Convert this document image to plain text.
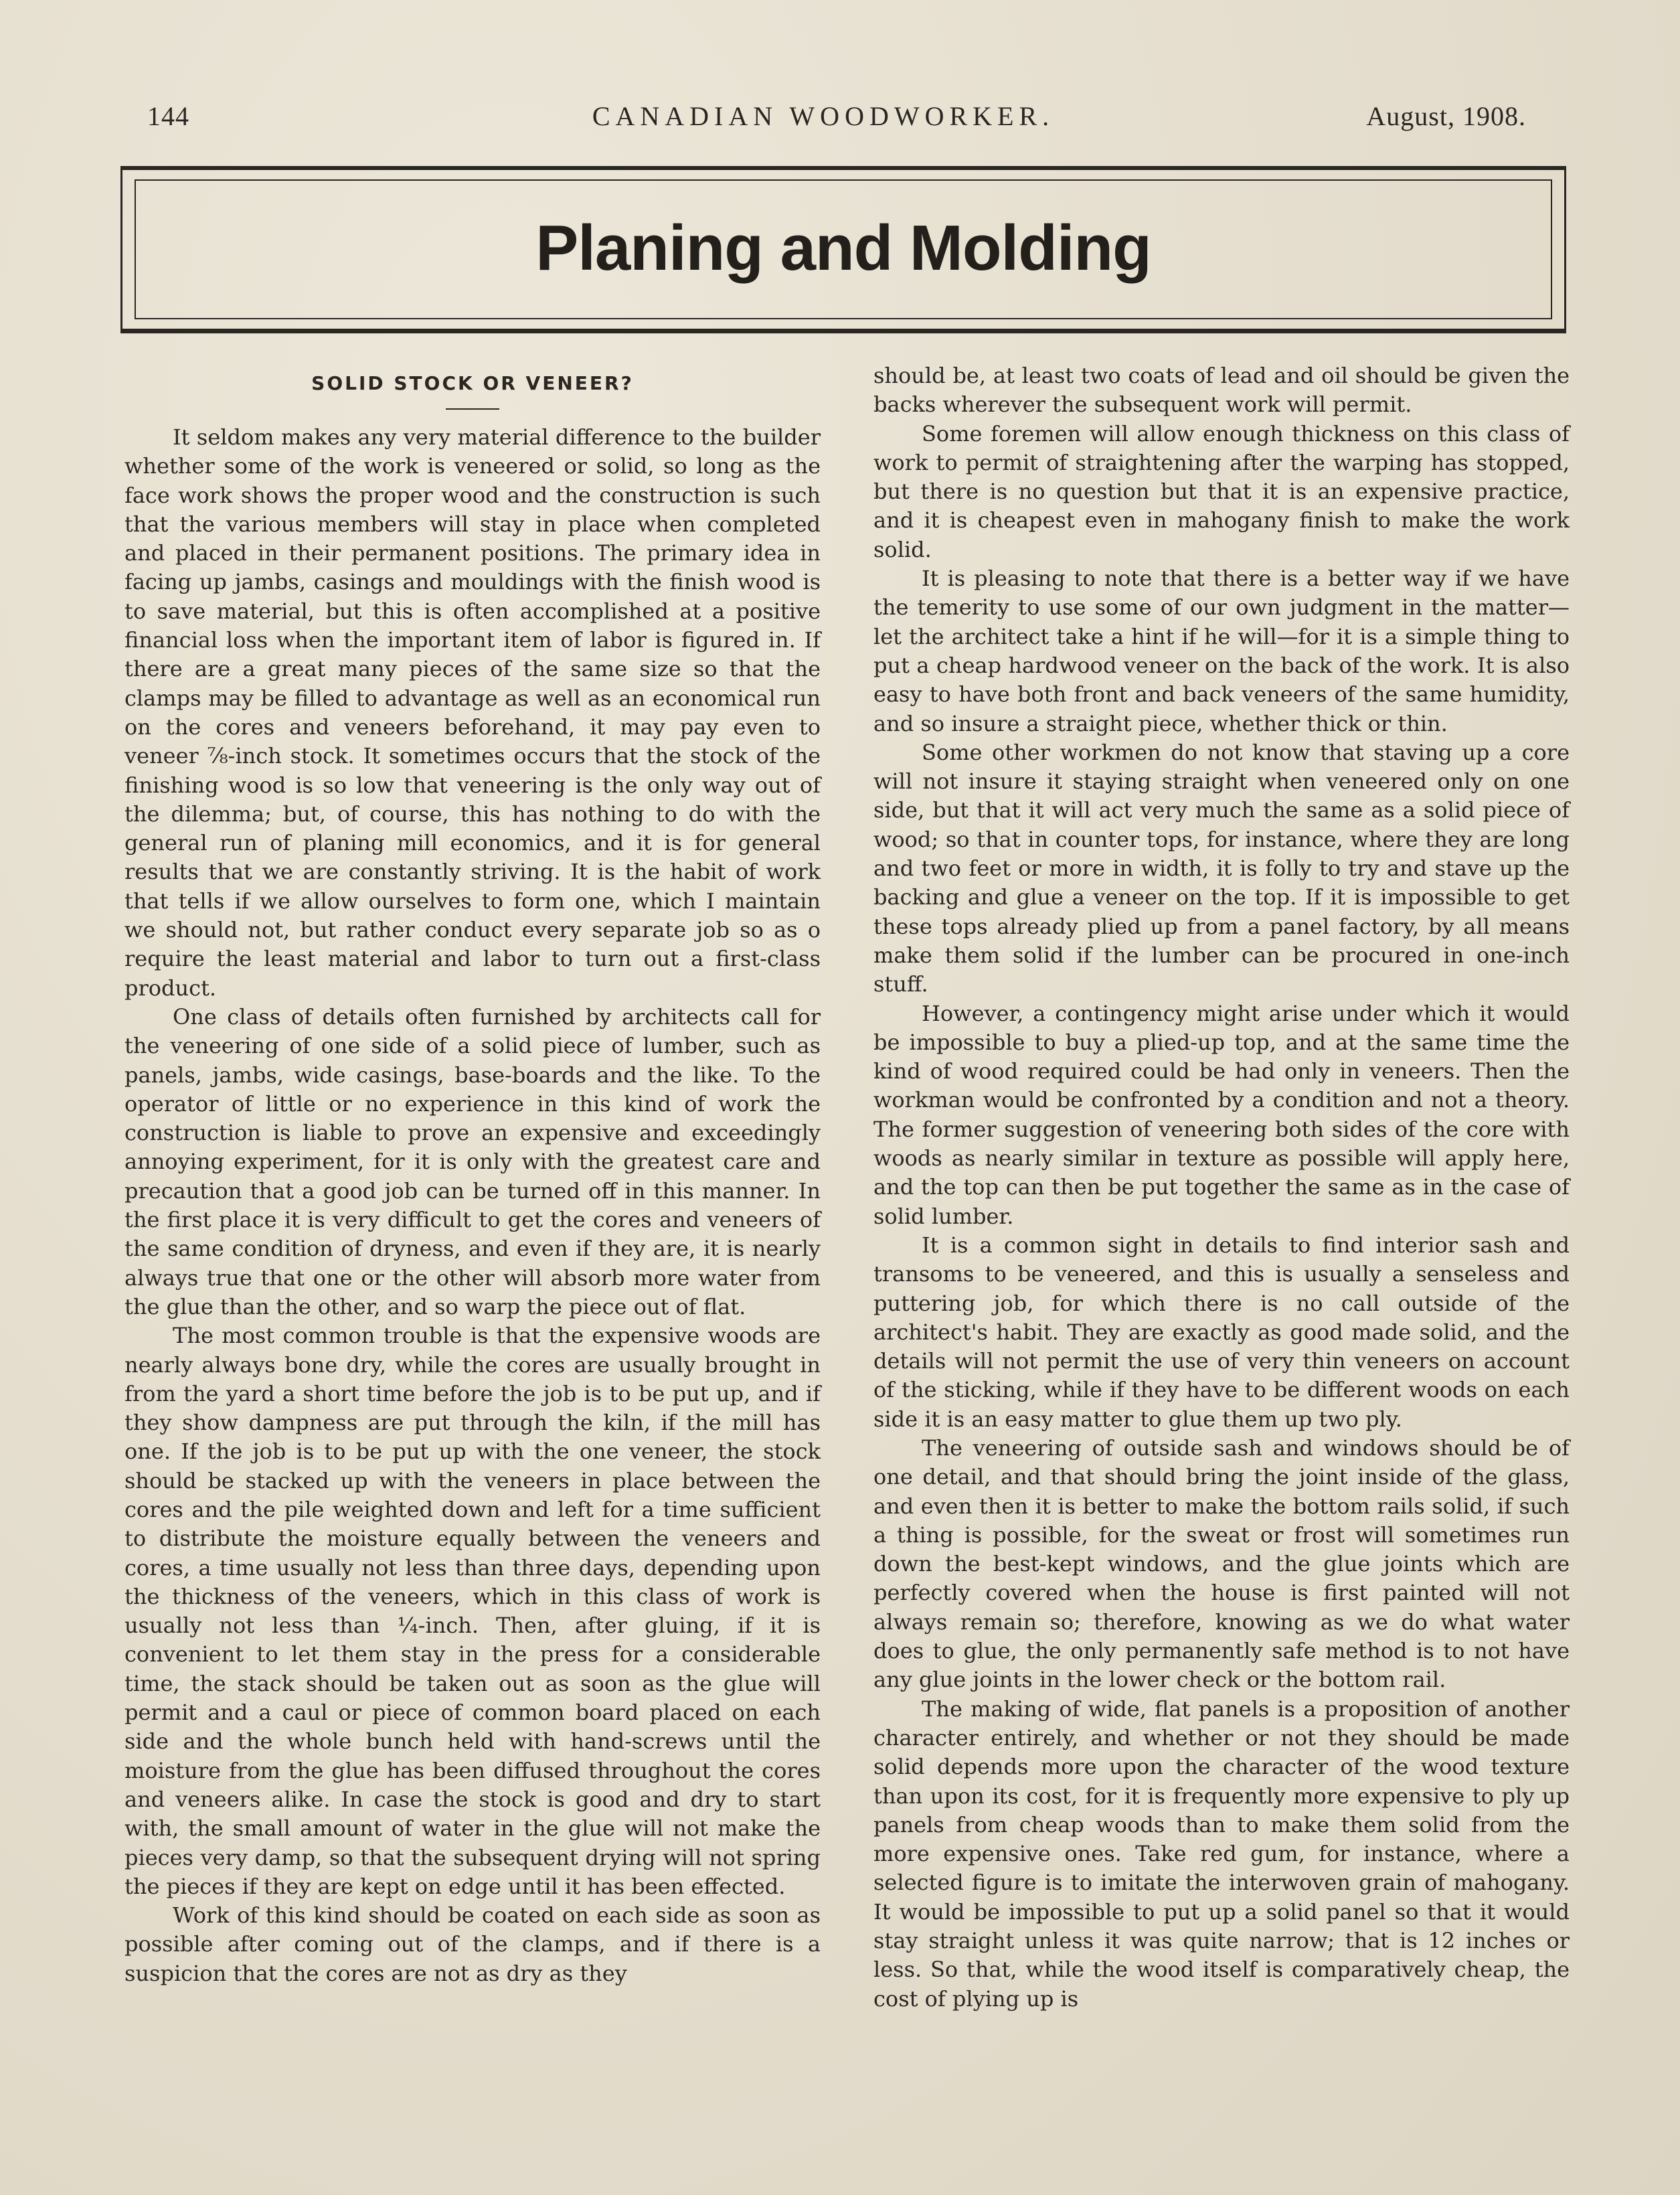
144	CANADIAN WOODWORKER.	August, 1908.
Planing and Molding
SOLID STOCK OR VENEER?

It seldom makes any very material difference to the builder whether some of the work is veneered or solid, so long as the face work shows the proper wood and the construction is such that the various members will stay in place when completed and placed in their permanent positions. The primary idea in facing up jambs, casings and mouldings with the finish wood is to save material, but this is often accomplished at a positive financial loss when the important item of labor is figured in. If there are a great many pieces of the same size so that the clamps may be filled to advantage as well as an economical run on the cores and veneers beforehand, it may pay even to veneer ⅞-inch stock. It sometimes occurs that the stock of the finishing wood is so low that veneering is the only way out of the dilemma; but, of course, this has nothing to do with the general run of planing mill economics, and it is for general results that we are constantly striving. It is the habit of work that tells if we allow ourselves to form one, which I maintain we should not, but rather conduct every separate job so as o require the least material and labor to turn out a first-class product.

One class of details often furnished by architects call for the veneering of one side of a solid piece of lumber, such as panels, jambs, wide casings, base-boards and the like. To the operator of little or no experience in this kind of work the construction is liable to prove an expensive and exceedingly annoying experiment, for it is only with the greatest care and precaution that a good job can be turned off in this manner. In the first place it is very difficult to get the cores and veneers of the same condition of dryness, and even if they are, it is nearly always true that one or the other will absorb more water from the glue than the other, and so warp the piece out of flat.

The most common trouble is that the expensive woods are nearly always bone dry, while the cores are usually brought in from the yard a short time before the job is to be put up, and if they show dampness are put through the kiln, if the mill has one. If the job is to be put up with the one veneer, the stock should be stacked up with the veneers in place between the cores and the pile weighted down and left for a time sufficient to distribute the moisture equally between the veneers and cores, a time usually not less than three days, depending upon the thickness of the veneers, which in this class of work is usually not less than ¼-inch. Then, after gluing, if it is convenient to let them stay in the press for a considerable time, the stack should be taken out as soon as the glue will permit and a caul or piece of common board placed on each side and the whole bunch held with hand-screws until the moisture from the glue has been diffused throughout the cores and veneers alike. In case the stock is good and dry to start with, the small amount of water in the glue will not make the pieces very damp, so that the subsequent drying will not spring the pieces if they are kept on edge until it has been effected.

Work of this kind should be coated on each side as soon as possible after coming out of the clamps, and if there is a suspicion that the cores are not as dry as they

should be, at least two coats of lead and oil should be given the backs wherever the subsequent work will permit.

Some foremen will allow enough thickness on this class of work to permit of straightening after the warping has stopped, but there is no question but that it is an expensive practice, and it is cheapest even in mahogany finish to make the work solid.

It is pleasing to note that there is a better way if we have the temerity to use some of our own judgment in the matter—let the architect take a hint if he will—for it is a simple thing to put a cheap hardwood veneer on the back of the work. It is also easy to have both front and back veneers of the same humidity, and so insure a straight piece, whether thick or thin.

Some other workmen do not know that staving up a core will not insure it staying straight when veneered only on one side, but that it will act very much the same as a solid piece of wood; so that in counter tops, for instance, where they are long and two feet or more in width, it is folly to try and stave up the backing and glue a veneer on the top. If it is impossible to get these tops already plied up from a panel factory, by all means make them solid if the lumber can be procured in one-inch stuff.

However, a contingency might arise under which it would be impossible to buy a plied-up top, and at the same time the kind of wood required could be had only in veneers. Then the workman would be confronted by a condition and not a theory. The former suggestion of veneering both sides of the core with woods as nearly similar in texture as possible will apply here, and the top can then be put together the same as in the case of solid lumber.

It is a common sight in details to find interior sash and transoms to be veneered, and this is usually a senseless and puttering job, for which there is no call outside of the architect's habit. They are exactly as good made solid, and the details will not permit the use of very thin veneers on account of the sticking, while if they have to be different woods on each side it is an easy matter to glue them up two ply.

The veneering of outside sash and windows should be of one detail, and that should bring the joint inside of the glass, and even then it is better to make the bottom rails solid, if such a thing is possible, for the sweat or frost will sometimes run down the best-kept windows, and the glue joints which are perfectly covered when the house is first painted will not always remain so; therefore, knowing as we do what water does to glue, the only permanently safe method is to not have any glue joints in the lower check or the bottom rail.

The making of wide, flat panels is a proposition of another character entirely, and whether or not they should be made solid depends more upon the character of the wood texture than upon its cost, for it is frequently more expensive to ply up panels from cheap woods than to make them solid from the more expensive ones. Take red gum, for instance, where a selected figure is to imitate the interwoven grain of mahogany. It would be impossible to put up a solid panel so that it would stay straight unless it was quite narrow; that is 12 inches or less. So that, while the wood itself is comparatively cheap, the cost of plying up is
